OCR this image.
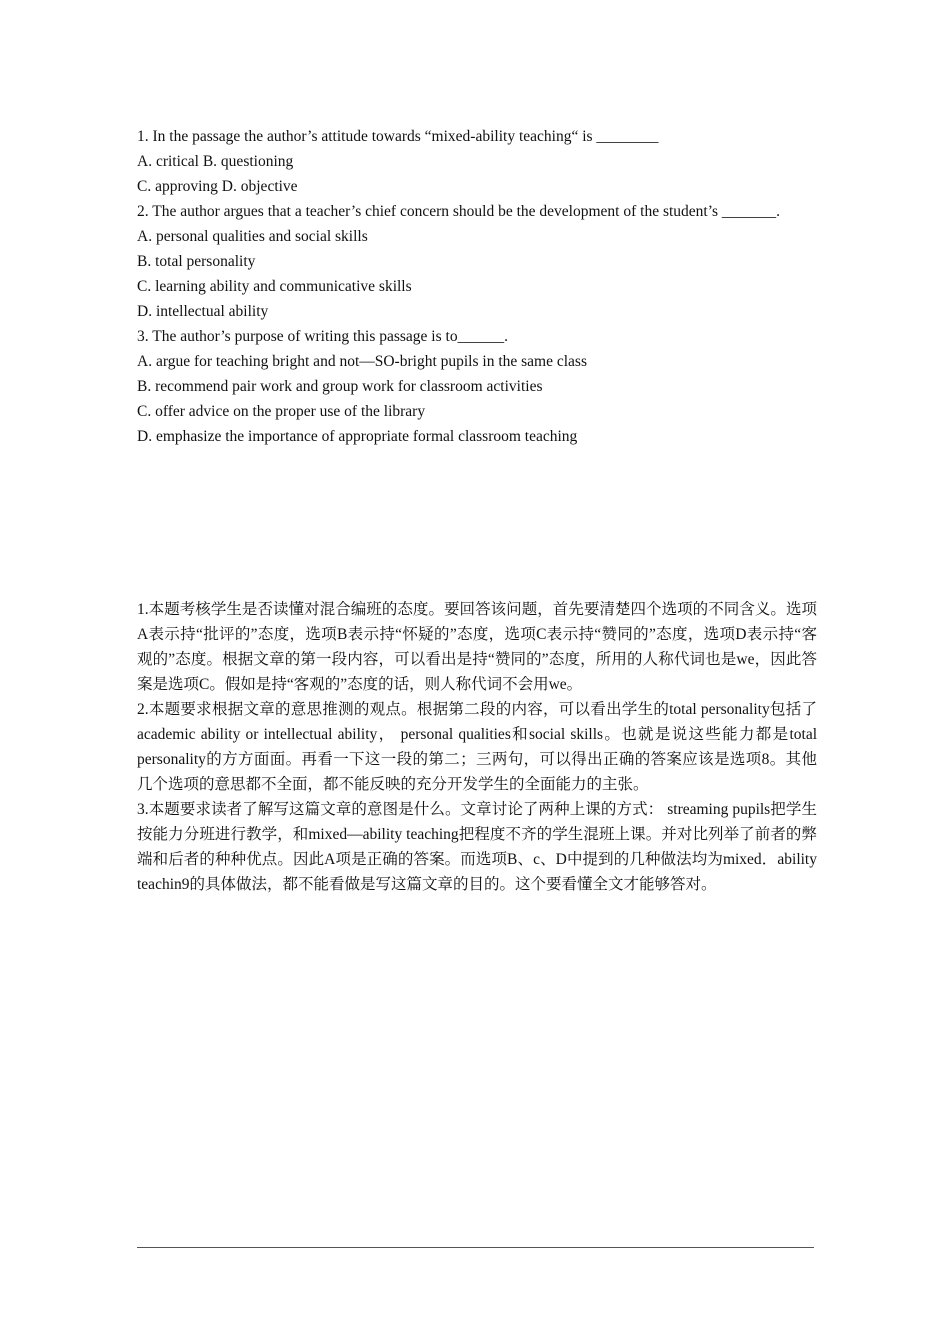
1. In the passage the author’s attitude towards “mixed-ability teaching“ is ________
A. critical B. questioning
C. approving D. objective
2. The author argues that a teacher’s chief concern should be the development of the student’s _______.
A. personal qualities and social skills
B. total personality
C. learning ability and communicative skills
D. intellectual ability
3. The author’s purpose of writing this passage is to______.
A. argue for teaching bright and not—SO-bright pupils in the same class
B. recommend pair work and group work for classroom activities
C. offer advice on the proper use of the library
D. emphasize the importance of appropriate formal classroom teaching

1.本题考核学生是否读懂对混合编班的态度。要回答该问题，首先要清楚四个选项的不同含义。选项A表示持“批评的”态度，选项B表示持“怀疑的”态度，选项C表示持“赞同的”态度，选项D表示持“客观的”态度。根据文章的第一段内容，可以看出是持“赞同的”态度，所用的人称代词也是we，因此答案是选项C。假如是持“客观的”态度的话，则人称代词不会用we。

2.本题要求根据文章的意思推测的观点。根据第二段的内容，可以看出学生的total personality包括了academic ability or intellectual ability， personal qualities和social skills。也就是说这些能力都是total personality的方方面面。再看一下这一段的第二；三两句，可以得出正确的答案应该是选项8。其他几个选项的意思都不全面，都不能反映的充分开发学生的全面能力的主张。

3.本题要求读者了解写这篇文章的意图是什么。文章讨论了两种上课的方式： streaming pupils把学生按能力分班进行教学，和mixed—ability teaching把程度不齐的学生混班上课。并对比列举了前者的弊端和后者的种种优点。因此A项是正确的答案。而选项B、c、D中提到的几种做法均为mixed．ability teachin9的具体做法，都不能看做是写这篇文章的目的。这个要看懂全文才能够答对。
